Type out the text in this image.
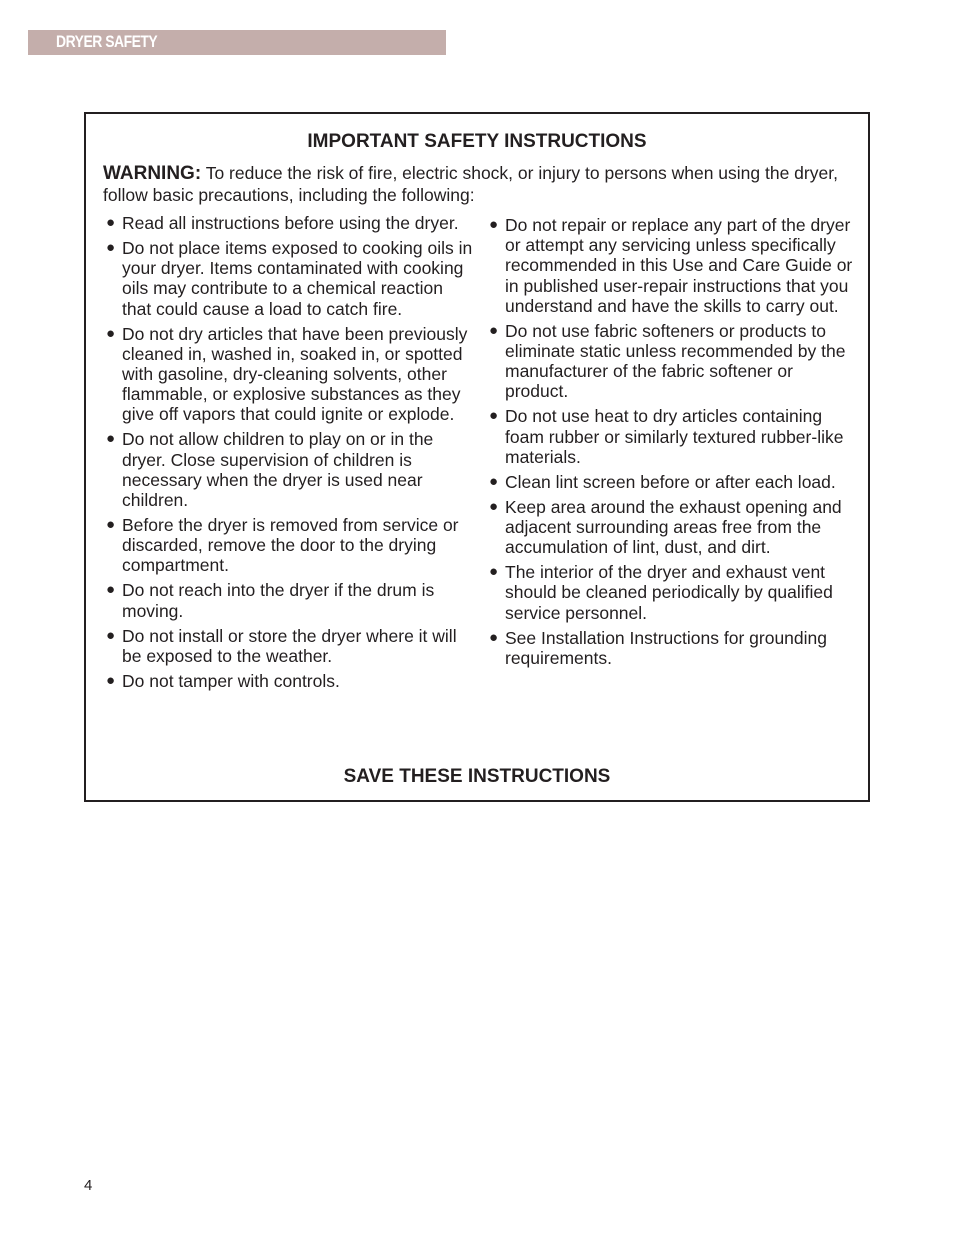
DRYER SAFETY
IMPORTANT SAFETY INSTRUCTIONS
WARNING: To reduce the risk of fire, electric shock, or injury to persons when using the dryer, follow basic precautions, including the following:
● Read all instructions before using the dryer.
● Do not place items exposed to cooking oils in your dryer. Items contaminated with cooking oils may contribute to a chemical reaction that could cause a load to catch fire.
● Do not dry articles that have been previously cleaned in, washed in, soaked in, or spotted with gasoline, dry-cleaning solvents, other flammable, or explosive substances as they give off vapors that could ignite or explode.
● Do not allow children to play on or in the dryer. Close supervision of children is necessary when the dryer is used near children.
● Before the dryer is removed from service or discarded, remove the door to the drying compartment.
● Do not reach into the dryer if the drum is moving.
● Do not install or store the dryer where it will be exposed to the weather.
● Do not tamper with controls.
● Do not repair or replace any part of the dryer or attempt any servicing unless specifically recommended in this Use and Care Guide or in published user-repair instructions that you understand and have the skills to carry out.
● Do not use fabric softeners or products to eliminate static unless recommended by the manufacturer of the fabric softener or product.
● Do not use heat to dry articles containing foam rubber or similarly textured rubber-like materials.
● Clean lint screen before or after each load.
● Keep area around the exhaust opening and adjacent surrounding areas free from the accumulation of lint, dust, and dirt.
● The interior of the dryer and exhaust vent should be cleaned periodically by qualified service personnel.
● See Installation Instructions for grounding requirements.
SAVE THESE INSTRUCTIONS
4
